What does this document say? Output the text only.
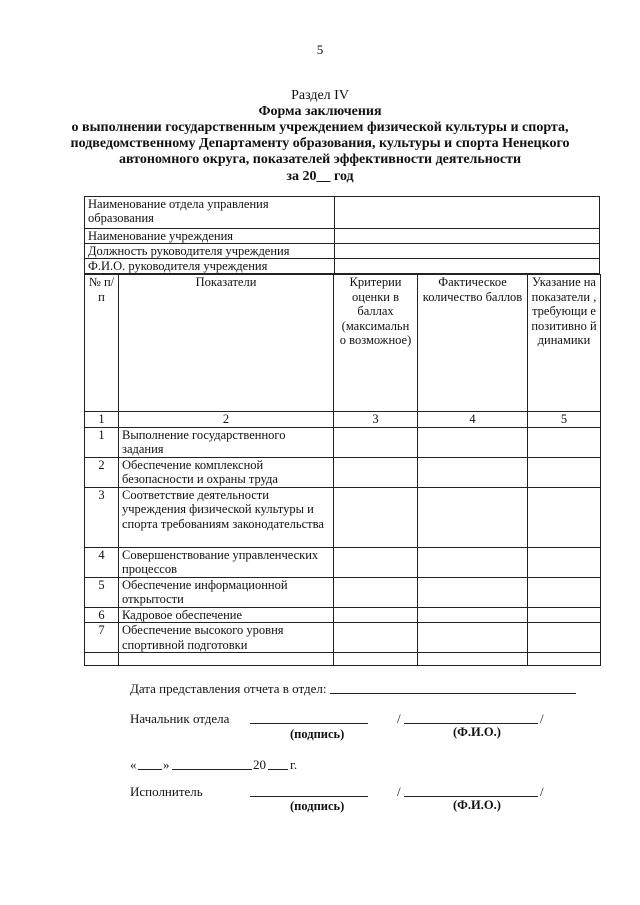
5
Раздел IV
Форма заключения
о выполнении государственным учреждением физической культуры и спорта, подведомственному Департаменту образования, культуры и спорта Ненецкого автономного округа, показателей эффективности деятельности
за 20__ год
Наименование отдела управления образования	
Наименование учреждения	
Должность руководителя учреждения	
Ф.И.О. руководителя учреждения	
№ п/п	Показатели	Критерии оценки в баллах (максимальн о возможное)	Фактическое количество баллов	Указание на показатели , требующи е позитивно й динамики
1	2	3	4	5
1	Выполнение государственного задания			
2	Обеспечение комплексной безопасности и охраны труда			
3	Соответствие деятельности учреждения физической культуры и спорта требованиям законодательства			
4	Совершенствование управленческих процессов			
5	Обеспечение информационной открытости			
6	Кадровое обеспечение			
7	Обеспечение высокого уровня спортивной подготовки			

Дата представления отчета в отдел:
Начальник отдела	/	/
(подпись)	(Ф.И.О.)
« »	20 г.
Исполнитель	/	/
(подпись)	(Ф.И.О.)
